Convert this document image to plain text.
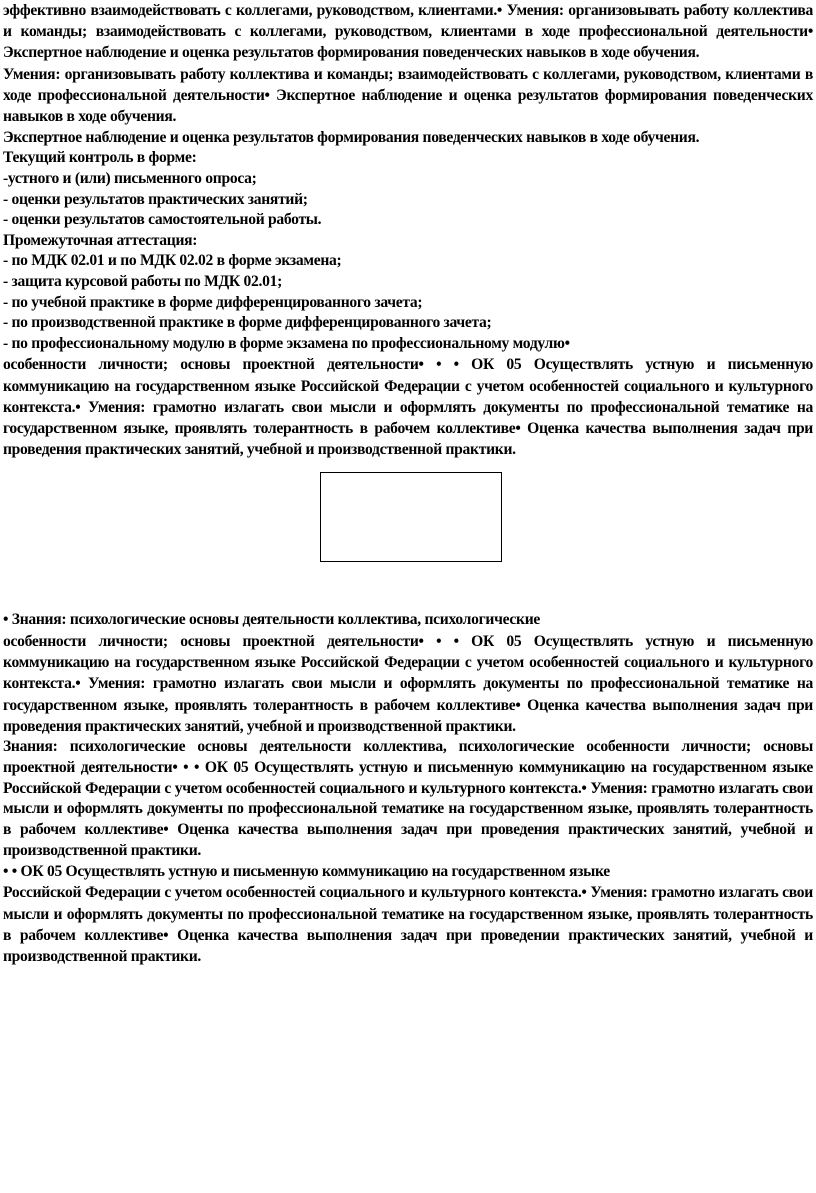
эффективно взаимодействовать с коллегами, руководством, клиентами.• Умения: организовывать работу коллектива и команды; взаимодействовать с коллегами, руководством, клиентами в ходе профессиональной деятельности• Экспертное наблюдение и оценка результатов формирования поведенческих навыков в ходе обучения.
Умения: организовывать работу коллектива и команды; взаимодействовать с коллегами, руководством, клиентами в ходе профессиональной деятельности• Экспертное наблюдение и оценка результатов формирования поведенческих навыков в ходе обучения.
Экспертное наблюдение и оценка результатов формирования поведенческих навыков в ходе обучения.
Текущий контроль в форме:
-устного и (или) письменного опроса;
- оценки результатов практических занятий;
- оценки результатов самостоятельной работы.
Промежуточная аттестация:
- по МДК 02.01 и по МДК 02.02 в форме экзамена;
- защита курсовой работы по МДК 02.01;
- по учебной практике в форме дифференцированного зачета;
- по производственной практике в форме дифференцированного зачета;
- по профессиональному модулю в форме экзамена по профессиональному модулю•
особенности личности; основы проектной деятельности• • • ОК 05 Осуществлять устную и письменную коммуникацию на государственном языке Российской Федерации с учетом особенностей социального и культурного контекста.• Умения: грамотно излагать свои мысли и оформлять документы по профессиональной тематике на государственном языке, проявлять толерантность в рабочем коллективе• Оценка качества выполнения задач при проведения практических занятий, учебной и производственной практики.
• Знания: психологические основы деятельности коллектива, психологические
особенности личности; основы проектной деятельности• • • ОК 05 Осуществлять устную и письменную коммуникацию на государственном языке Российской Федерации с учетом особенностей социального и культурного контекста.• Умения: грамотно излагать свои мысли и оформлять документы по профессиональной тематике на государственном языке, проявлять толерантность в рабочем коллективе• Оценка качества выполнения задач при проведения практических занятий, учебной и производственной практики.
Знания: психологические основы деятельности коллектива, психологические особенности личности; основы проектной деятельности• • • ОК 05 Осуществлять устную и письменную коммуникацию на государственном языке Российской Федерации с учетом особенностей социального и культурного контекста.• Умения: грамотно излагать свои мысли и оформлять документы по профессиональной тематике на государственном языке, проявлять толерантность в рабочем коллективе• Оценка качества выполнения задач при проведения практических занятий, учебной и производственной практики.
• • ОК 05 Осуществлять устную и письменную коммуникацию на государственном языке
Российской Федерации с учетом особенностей социального и культурного контекста.• Умения: грамотно излагать свои мысли и оформлять документы по профессиональной тематике на государственном языке, проявлять толерантность в рабочем коллективе• Оценка качества выполнения задач при проведении практических занятий, учебной и производственной практики.
